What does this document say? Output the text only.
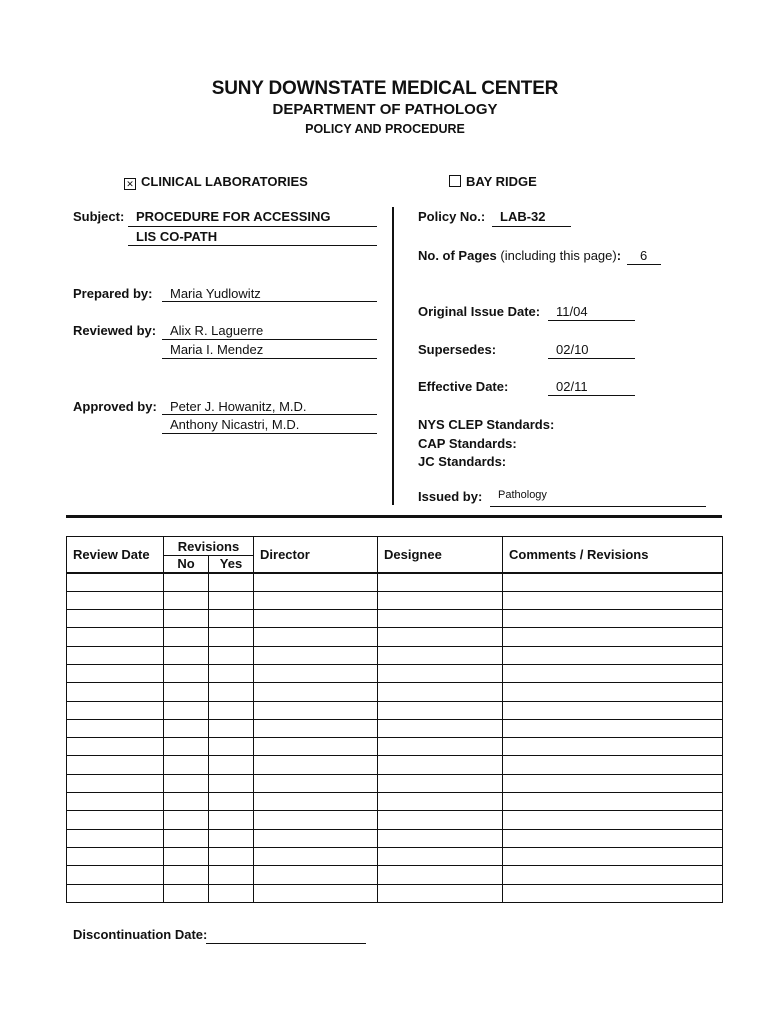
SUNY DOWNSTATE MEDICAL CENTER
DEPARTMENT OF PATHOLOGY
POLICY AND PROCEDURE
✕ CLINICAL LABORATORIES	BAY RIDGE
Subject: PROCEDURE FOR ACCESSING
LIS CO-PATH
Prepared by: Maria Yudlowitz
Reviewed by: Alix R. Laguerre
Maria I. Mendez
Approved by: Peter J. Howanitz, M.D.
Anthony Nicastri, M.D.
Policy No.: LAB-32
No. of Pages (including this page): 6
Original Issue Date: 11/04
Supersedes:	02/10
Effective Date:	02/11
NYS CLEP Standards:
CAP Standards:
JC Standards:
Issued by: Pathology
Review Date	Revisions		Director	Designee	Comments / Revisions
	No	Yes			

Discontinuation Date:
